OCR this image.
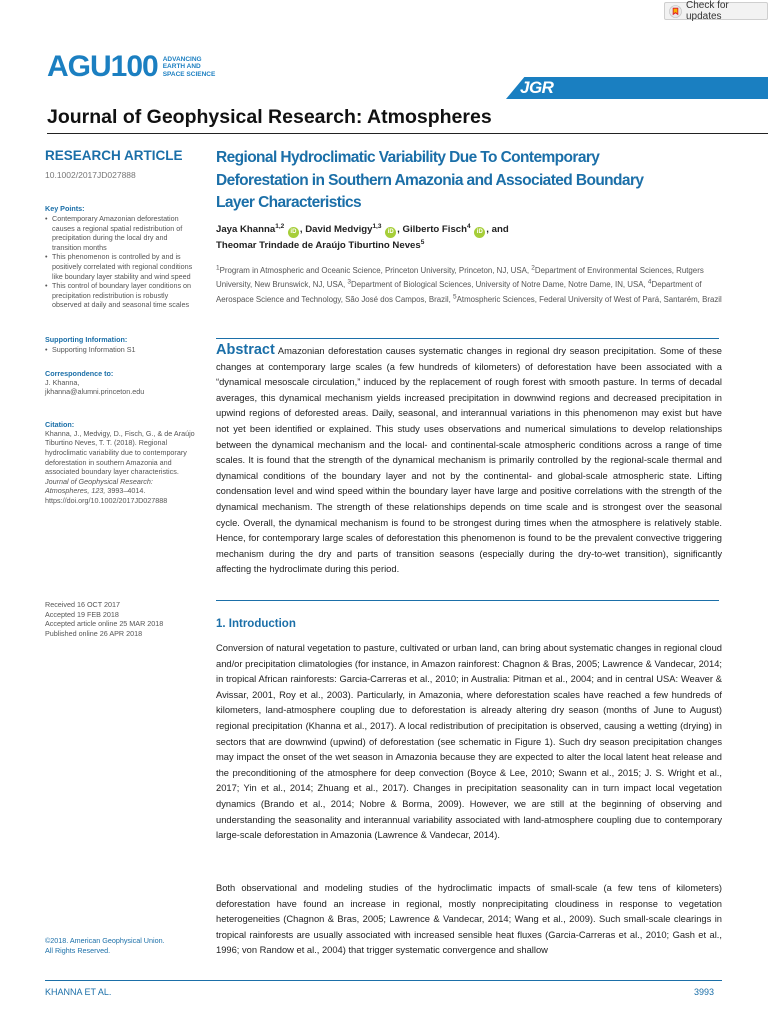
Check for updates
AGU100 ADVANCING
EARTH AND
SPACE SCIENCE
JGR
Journal of Geophysical Research: Atmospheres
RESEARCH ARTICLE
10.1002/2017JD027888
Key Points:
• Contemporary Amazonian deforestation causes a regional spatial redistribution of precipitation during the local dry and transition months
• This phenomenon is controlled by and is positively correlated with regional conditions like boundary layer stability and wind speed
• This control of boundary layer conditions on precipitation redistribution is robustly observed at daily and seasonal time scales
Supporting Information:
• Supporting Information S1
Correspondence to:
J. Khanna,
jkhanna@alumni.princeton.edu
Citation:
Khanna, J., Medvigy, D., Fisch, G., & de Araújo Tiburtino Neves, T. T. (2018). Regional hydroclimatic variability due to contemporary deforestation in southern Amazonia and associated boundary layer characteristics. Journal of Geophysical Research: Atmospheres, 123, 3993–4014. https://doi.org/10.1002/2017JD027888
Received 16 OCT 2017
Accepted 19 FEB 2018
Accepted article online 25 MAR 2018
Published online 26 APR 2018
©2018. American Geophysical Union.
All Rights Reserved.
Regional Hydroclimatic Variability Due To Contemporary Deforestation in Southern Amazonia and Associated Boundary Layer Characteristics
Jaya Khanna$^{1,2}$ iD , David Medvigy$^{1,3}$ iD , Gilberto Fisch$^4$ iD , and
Theomar Trindade de Araújo Tiburtino Neves$^5$
$^1$Program in Atmospheric and Oceanic Science, Princeton University, Princeton, NJ, USA, $^2$Department of Environmental Sciences, Rutgers University, New Brunswick, NJ, USA, $^3$Department of Biological Sciences, University of Notre Dame, Notre Dame, IN, USA, $^4$Department of Aerospace Science and Technology, São José dos Campos, Brazil, $^5$Atmospheric Sciences, Federal University of West of Pará, Santarém, Brazil
Abstract Amazonian deforestation causes systematic changes in regional dry season precipitation. Some of these changes at contemporary large scales (a few hundreds of kilometers) of deforestation have been associated with a “dynamical mesoscale circulation,” induced by the replacement of rough forest with smooth pasture. In terms of decadal averages, this dynamical mechanism yields increased precipitation in downwind regions and decreased precipitation in upwind regions of deforested areas. Daily, seasonal, and interannual variations in this phenomenon may exist but have not yet been identified or explained. This study uses observations and numerical simulations to develop relationships between the dynamical mechanism and the local- and continental-scale atmospheric conditions across a range of time scales. It is found that the strength of the dynamical mechanism is primarily controlled by the regional-scale thermal and dynamical conditions of the boundary layer and not by the continental- and global-scale atmospheric state. Lifting condensation level and wind speed within the boundary layer have large and positive correlations with the strength of the dynamical mechanism. The strength of these relationships depends on time scale and is strongest over the seasonal cycle. Overall, the dynamical mechanism is found to be strongest during times when the atmosphere is relatively stable. Hence, for contemporary large scales of deforestation this phenomenon is found to be the prevalent convective triggering mechanism during the dry and parts of transition seasons (especially during the dry-to-wet transition), significantly affecting the hydroclimate during this period.
1. Introduction
Conversion of natural vegetation to pasture, cultivated or urban land, can bring about systematic changes in regional cloud and/or precipitation climatologies (for instance, in Amazon rainforest: Chagnon & Bras, 2005; Lawrence & Vandecar, 2014; in tropical African rainforests: Garcia-Carreras et al., 2010; in Australia: Pitman et al., 2004; and in central USA: Weaver & Avissar, 2001, Roy et al., 2003). Particularly, in Amazonia, where deforestation scales have reached a few hundreds of kilometers, land-atmosphere coupling due to deforestation is already altering dry season (months of June to August) regional precipitation (Khanna et al., 2017). A local redistribution of precipitation is observed, causing a wetting (drying) in sectors that are downwind (upwind) of deforestation (see schematic in Figure 1). Such dry season precipitation changes may impact the onset of the wet season in Amazonia because they are expected to alter the local latent heat release and the preconditioning of the atmosphere for deep convection (Boyce & Lee, 2010; Swann et al., 2015; J. S. Wright et al., 2017; Yin et al., 2014; Zhuang et al., 2017). Changes in precipitation seasonality can in turn impact local vegetation dynamics (Brando et al., 2014; Nobre & Borma, 2009). However, we are still at the beginning of observing and understanding the seasonality and interannual variability associated with land-atmosphere coupling due to contemporary large-scale deforestation in Amazonia (Lawrence & Vandecar, 2014).
Both observational and modeling studies of the hydroclimatic impacts of small-scale (a few tens of kilometers) deforestation have found an increase in regional, mostly nonprecipitating cloudiness in response to vegetation heterogeneities (Chagnon & Bras, 2005; Lawrence & Vandecar, 2014; Wang et al., 2009). Such small-scale clearings in tropical rainforests are usually associated with increased sensible heat fluxes (Garcia-Carreras et al., 2010; Gash et al., 1996; von Randow et al., 2004) that trigger systematic convergence and shallow
KHANNA ET AL.	3993
